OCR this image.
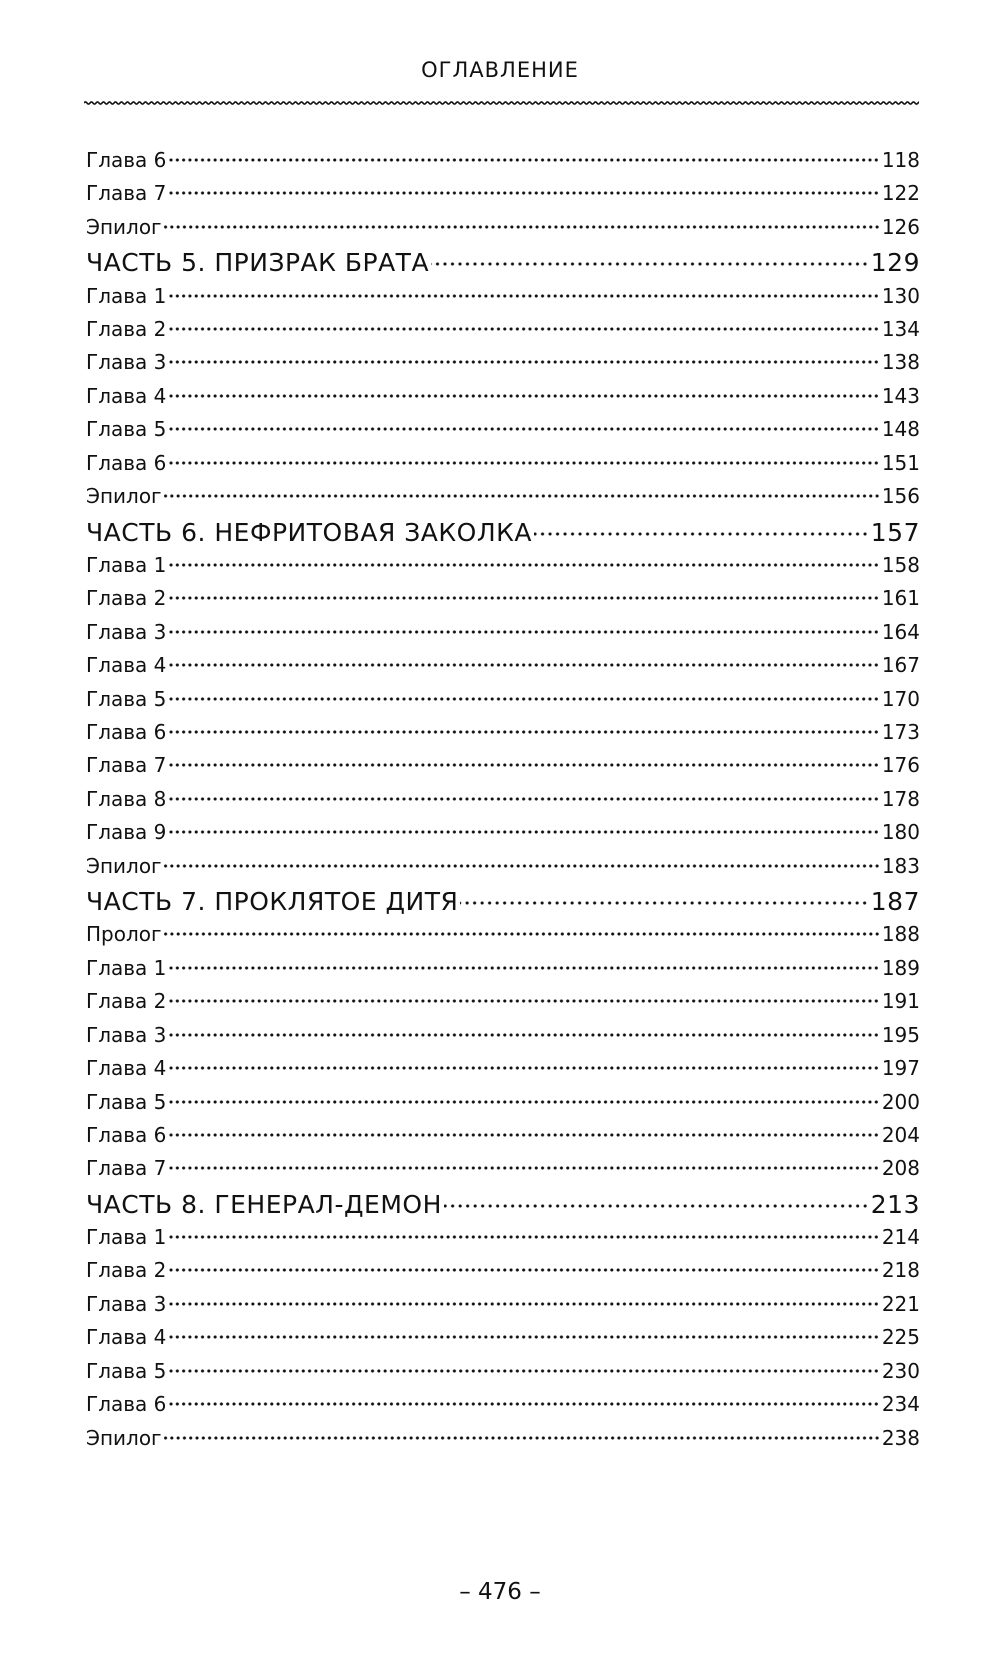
ОГЛАВЛЕНИЕ
Глава 6	118
Глава 7	122
Эпилог	126
ЧАСТЬ 5. ПРИЗРАК БРАТА	129
Глава 1	130
Глава 2	134
Глава 3	138
Глава 4	143
Глава 5	148
Глава 6	151
Эпилог	156
ЧАСТЬ 6. НЕФРИТОВАЯ ЗАКОЛКА	157
Глава 1	158
Глава 2	161
Глава 3	164
Глава 4	167
Глава 5	170
Глава 6	173
Глава 7	176
Глава 8	178
Глава 9	180
Эпилог	183
ЧАСТЬ 7. ПРОКЛЯТОЕ ДИТЯ	187
Пролог	188
Глава 1	189
Глава 2	191
Глава 3	195
Глава 4	197
Глава 5	200
Глава 6	204
Глава 7	208
ЧАСТЬ 8. ГЕНЕРАЛ-ДЕМОН	213
Глава 1	214
Глава 2	218
Глава 3	221
Глава 4	225
Глава 5	230
Глава 6	234
Эпилог	238
– 476 –
